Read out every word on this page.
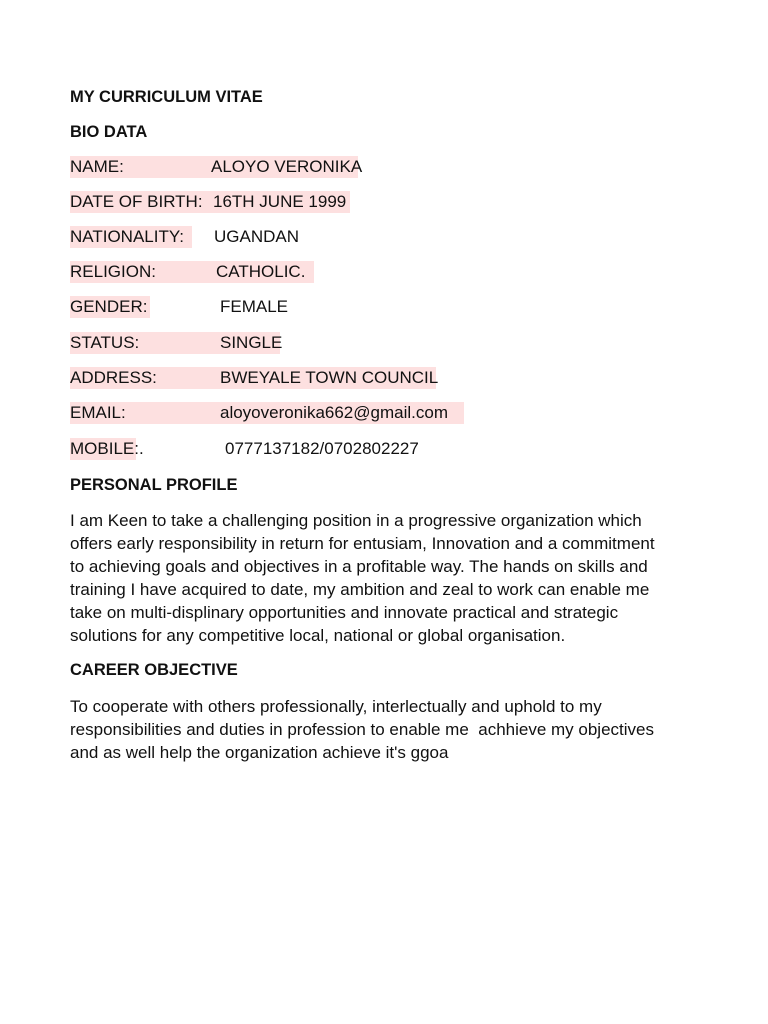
MY CURRICULUM VITAE
BIO DATA
NAME:	ALOYO VERONIKA
DATE OF BIRTH: 16TH JUNE 1999
NATIONALITY: UGANDAN
RELIGION:	CATHOLIC.
GENDER:	FEMALE
STATUS:	SINGLE
ADDRESS:	BWEYALE TOWN COUNCIL
EMAIL:	aloyoveronika662@gmail.com
MOBILE:.	0777137182/0702802227
PERSONAL PROFILE
I am Keen to take a challenging position in a progressive organization which
offers early responsibility in return for entusiam, Innovation and a commitment
to achieving goals and objectives in a profitable way. The hands on skills and
training I have acquired to date, my ambition and zeal to work can enable me
take on multi-displinary opportunities and innovate practical and strategic
solutions for any competitive local, national or global organisation.
CAREER OBJECTIVE
To cooperate with others professionally, interlectually and uphold to my
responsibilities and duties in profession to enable me  achhieve my objectives
and as well help the organization achieve it's ggoa
